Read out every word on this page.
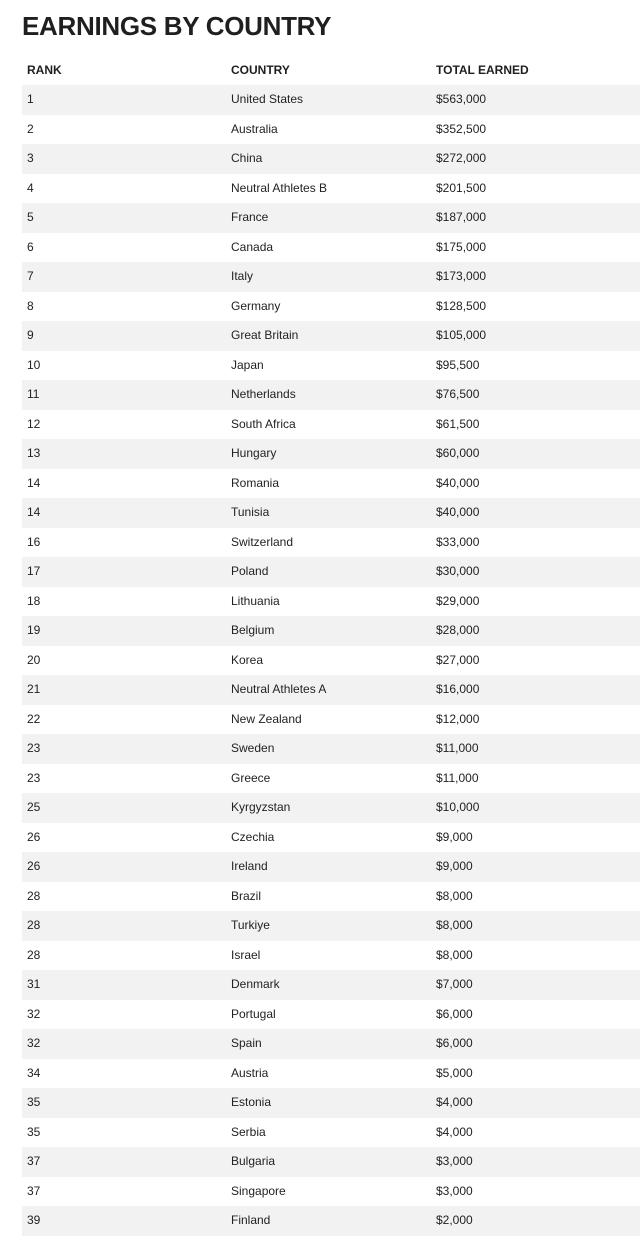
EARNINGS BY COUNTRY
RANK	COUNTRY	TOTAL EARNED
1	United States	$563,000
2	Australia	$352,500
3	China	$272,000
4	Neutral Athletes B	$201,500
5	France	$187,000
6	Canada	$175,000
7	Italy	$173,000
8	Germany	$128,500
9	Great Britain	$105,000
10	Japan	$95,500
11	Netherlands	$76,500
12	South Africa	$61,500
13	Hungary	$60,000
14	Romania	$40,000
14	Tunisia	$40,000
16	Switzerland	$33,000
17	Poland	$30,000
18	Lithuania	$29,000
19	Belgium	$28,000
20	Korea	$27,000
21	Neutral Athletes A	$16,000
22	New Zealand	$12,000
23	Sweden	$11,000
23	Greece	$11,000
25	Kyrgyzstan	$10,000
26	Czechia	$9,000
26	Ireland	$9,000
28	Brazil	$8,000
28	Turkiye	$8,000
28	Israel	$8,000
31	Denmark	$7,000
32	Portugal	$6,000
32	Spain	$6,000
34	Austria	$5,000
35	Estonia	$4,000
35	Serbia	$4,000
37	Bulgaria	$3,000
37	Singapore	$3,000
39	Finland	$2,000
